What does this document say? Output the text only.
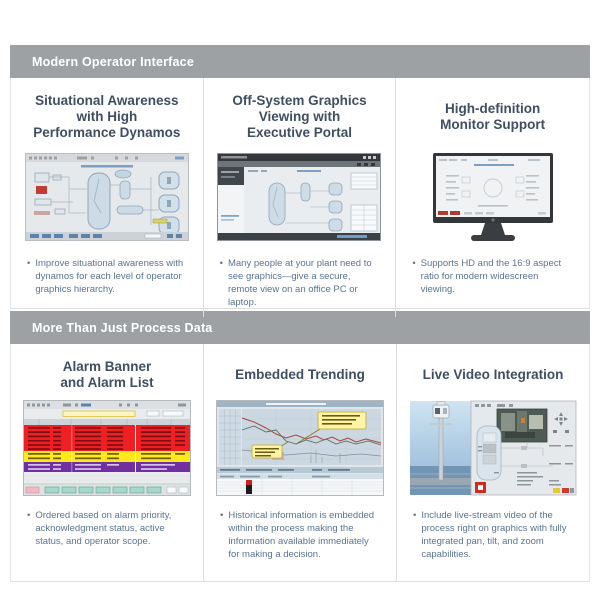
Modern Operator Interface
Situational Awareness
with High
Performance Dynamos
• Improve situational awareness with dynamos for each level of operator graphics hierarchy.
Off-System Graphics
Viewing with
Executive Portal
• Many people at your plant need to see graphics—give a secure, remote view on an office PC or laptop.
High-definition
Monitor Support
• Supports HD and the 16:9 aspect ratio for modern widescreen viewing.
More Than Just Process Data
Alarm Banner
and Alarm List
• Ordered based on alarm priority, acknowledgment status, active status, and operator scope.
Embedded Trending
• Historical information is embedded within the process making the information available immediately for making a decision.
Live Video Integration
• Include live-stream video of the process right on graphics with fully integrated pan, tilt, and zoom capabilities.
